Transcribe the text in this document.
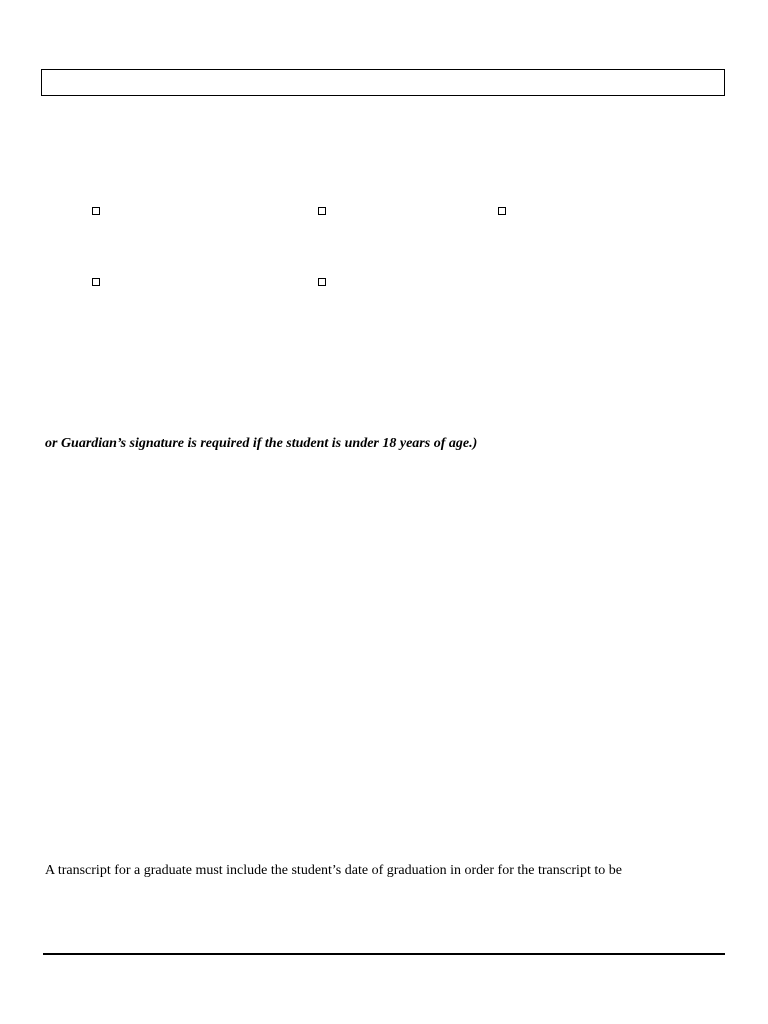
or Guardian’s signature is required if the student is under 18 years of age.)
A transcript for a graduate must include the student’s date of graduation in order for the transcript to be
